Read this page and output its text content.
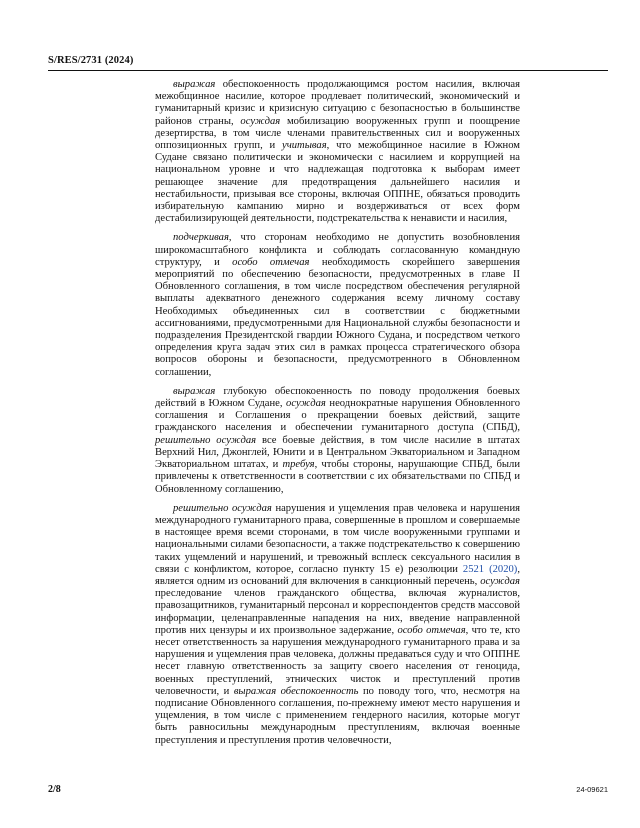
S/RES/2731 (2024)

выражая обеспокоенность продолжающимся ростом насилия, включая межобщинное насилие, которое продлевает политический, экономический и гуманитарный кризис и кризисную ситуацию с безопасностью в большинстве районов страны, осуждая мобилизацию вооруженных групп и поощрение дезертирства, в том числе членами правительственных сил и вооруженных оппозиционных групп, и учитывая, что межобщинное насилие в Южном Судане связано политически и экономически с насилием и коррупцией на национальном уровне и что надлежащая подготовка к выборам имеет решающее значение для предотвращения дальнейшего насилия и нестабильности, призывая все стороны, включая ОППНЕ, обязаться проводить избирательную кампанию мирно и воздерживаться от всех форм дестабилизирующей деятельности, подстрекательства к ненависти и насилия,

подчеркивая, что сторонам необходимо не допустить возобновления широкомасштабного конфликта и соблюдать согласованную командную структуру, и особо отмечая необходимость скорейшего завершения мероприятий по обеспечению безопасности, предусмотренных в главе II Обновленного соглашения, в том числе посредством обеспечения регулярной выплаты адекватного денежного содержания всему личному составу Необходимых объединенных сил в соответствии с бюджетными ассигнованиями, предусмотренными для Национальной службы безопасности и подразделения Президентской гвардии Южного Судана, и посредством четкого определения круга задач этих сил в рамках процесса стратегического обзора вопросов обороны и безопасности, предусмотренного в Обновленном соглашении,

выражая глубокую обеспокоенность по поводу продолжения боевых действий в Южном Судане, осуждая неоднократные нарушения Обновленного соглашения и Соглашения о прекращении боевых действий, защите гражданского населения и обеспечении гуманитарного доступа (СПБД), решительно осуждая все боевые действия, в том числе насилие в штатах Верхний Нил, Джонглей, Юнити и в Центральном Экваториальном и Западном Экваториальном штатах, и требуя, чтобы стороны, нарушающие СПБД, были привлечены к ответственности в соответствии с их обязательствами по СПБД и Обновленному соглашению,

решительно осуждая нарушения и ущемления прав человека и нарушения международного гуманитарного права, совершенные в прошлом и совершаемые в настоящее время всеми сторонами, в том числе вооруженными группами и национальными силами безопасности, а также подстрекательство к совершению таких ущемлений и нарушений, и тревожный всплеск сексуального насилия в связи с конфликтом, которое, согласно пункту 15 e) резолюции 2521 (2020), является одним из оснований для включения в санкционный перечень, осуждая преследование членов гражданского общества, включая журналистов, правозащитников, гуманитарный персонал и корреспондентов средств массовой информации, целенаправленные нападения на них, введение направленной против них цензуры и их произвольное задержание, особо отмечая, что те, кто несет ответственность за нарушения международного гуманитарного права и за нарушения и ущемления прав человека, должны предаваться суду и что ОППНЕ несет главную ответственность за защиту своего населения от геноцида, военных преступлений, этнических чисток и преступлений против человечности, и выражая обеспокоенность по поводу того, что, несмотря на подписание Обновленного соглашения, по-прежнему имеют место нарушения и ущемления, в том числе с применением гендерного насилия, которые могут быть равносильны международным преступлениям, включая военные преступления и преступления против человечности,

2/8	24-09621
